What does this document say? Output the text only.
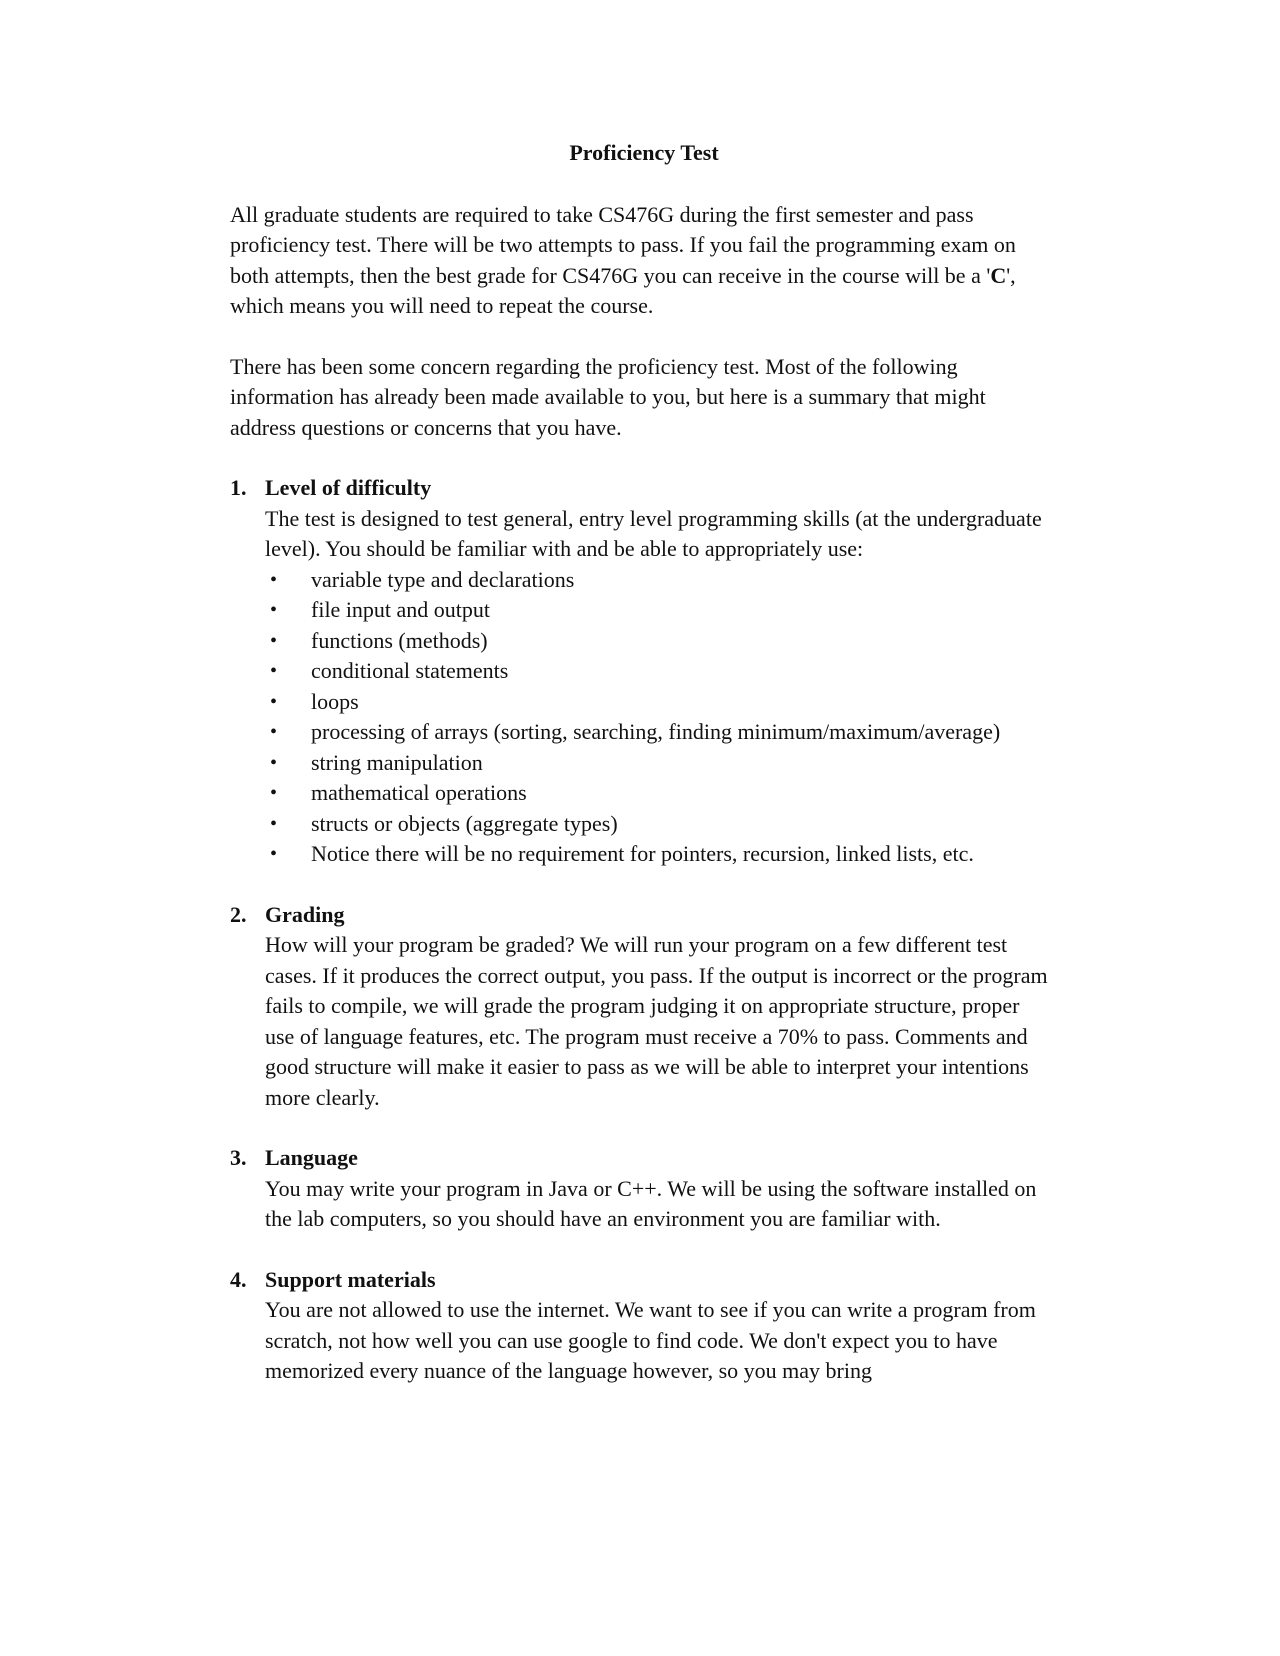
Proficiency Test

All graduate students are required to take CS476G during the first semester and pass proficiency test. There will be two attempts to pass. If you fail the programming exam on both attempts, then the best grade for CS476G you can receive in the course will be a 'C', which means you will need to repeat the course.

There has been some concern regarding the proficiency test. Most of the following information has already been made available to you, but here is a summary that might address questions or concerns that you have.

1. Level of difficulty

The test is designed to test general, entry level programming skills (at the undergraduate level). You should be familiar with and be able to appropriately use:

• variable type and declarations
• file input and output
• functions (methods)
• conditional statements
• loops
• processing of arrays (sorting, searching, finding minimum/maximum/average)
• string manipulation
• mathematical operations
• structs or objects (aggregate types)
• Notice there will be no requirement for pointers, recursion, linked lists, etc.
2. Grading

How will your program be graded? We will run your program on a few different test cases. If it produces the correct output, you pass. If the output is incorrect or the program fails to compile, we will grade the program judging it on appropriate structure, proper use of language features, etc. The program must receive a 70% to pass. Comments and good structure will make it easier to pass as we will be able to interpret your intentions more clearly.

3. Language

You may write your program in Java or C++. We will be using the software installed on the lab computers, so you should have an environment you are familiar with.

4. Support materials

You are not allowed to use the internet. We want to see if you can write a program from scratch, not how well you can use google to find code. We don't expect you to have memorized every nuance of the language however, so you may bring
